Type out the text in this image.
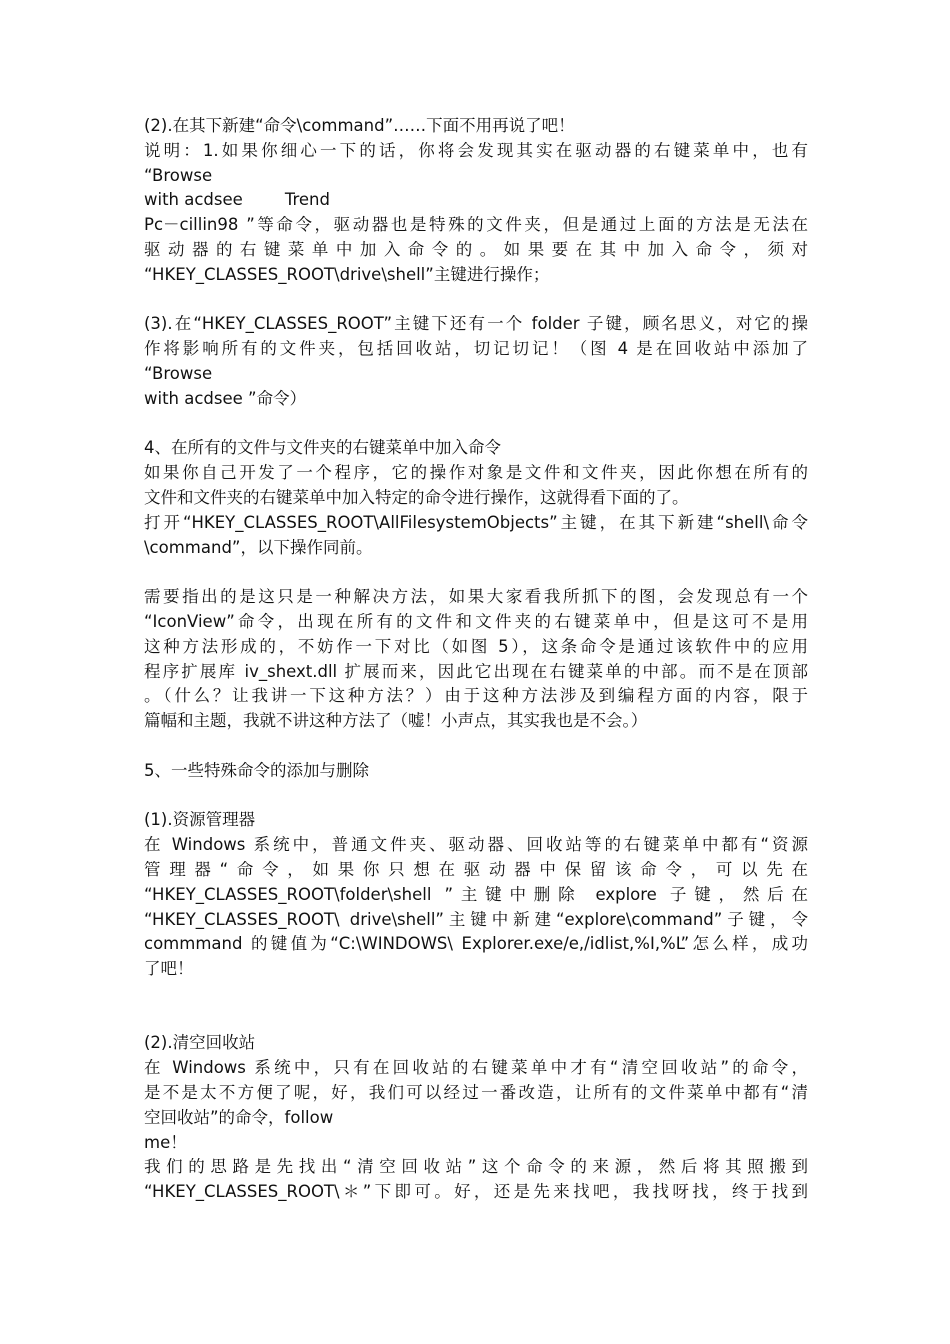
(2).在其下新建“命令\command”……下面不用再说了吧！

说明：1.如果你细心一下的话，你将会发现其实在驱动器的右键菜单中，也有

“Browse

with acdsee	Trend

Pc－cillin98 ”等命令，驱动器也是特殊的文件夹，但是通过上面的方法是无法在

驱动器的右键菜单中加入命令的。如果要在其中加入命令，须对

“HKEY_CLASSES_ROOT\drive\shell”主键进行操作；

(3).在“HKEY_CLASSES_ROOT”主键下还有一个 folder 子键，顾名思义，对它的操

作将影响所有的文件夹，包括回收站，切记切记！（图 4 是在回收站中添加了

“Browse

with acdsee ”命令）

4、在所有的文件与文件夹的右键菜单中加入命令

如果你自己开发了一个程序，它的操作对象是文件和文件夹，因此你想在所有的

文件和文件夹的右键菜单中加入特定的命令进行操作，这就得看下面的了。

打开“HKEY_CLASSES_ROOT\AllFilesystemObjects”主键，在其下新建“shell\命令

\command”，以下操作同前。

需要指出的是这只是一种解决方法，如果大家看我所抓下的图，会发现总有一个

“IconView”命令，出现在所有的文件和文件夹的右键菜单中，但是这可不是用

这种方法形成的，不妨作一下对比（如图 5），这条命令是通过该软件中的应用

程序扩展库 iv_shext.dll 扩展而来，因此它出现在右键菜单的中部。而不是在顶部

。（什么？让我讲一下这种方法？）由于这种方法涉及到编程方面的内容，限于

篇幅和主题，我就不讲这种方法了（嘘！小声点，其实我也是不会。）

5、一些特殊命令的添加与删除

(1).资源管理器

在 Windows 系统中，普通文件夹、驱动器、回收站等的右键菜单中都有“资源

管理器“命令，如果你只想在驱动器中保留该命令，可以先在

“HKEY_CLASSES_ROOT\folder\shell ”主键中删除 explore 子键，然后在

“HKEY_CLASSES_ROOT\ drive\shell”主键中新建“explore\command”子键，令

commmand 的键值为“C:\WINDOWS\ Explorer.exe/e,/idlist,%I,%L”怎么样，成功

了吧！

(2).清空回收站

在 Windows 系统中，只有在回收站的右键菜单中才有“清空回收站”的命令，

是不是太不方便了呢，好，我们可以经过一番改造，让所有的文件菜单中都有“清

空回收站”的命令，follow

me！

我们的思路是先找出“清空回收站”这个命令的来源，然后将其照搬到

“HKEY_CLASSES_ROOT\＊”下即可。好，还是先来找吧，我找呀找，终于找到
